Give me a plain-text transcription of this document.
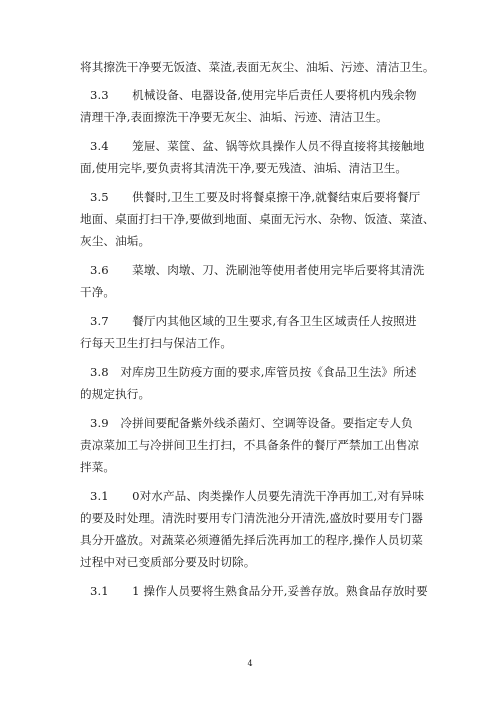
将其擦洗干净要无饭渣、菜渣,表面无灰尘、油垢、污迹、清洁卫生。
3.3　　机械设备、电器设备,使用完毕后责任人要将机内残余物
清理干净,表面擦洗干净要无灰尘、油垢、污迹、清洁卫生。
3.4　　笼屉、菜筐、盆、锅等炊具操作人员不得直接将其接触地
面,使用完毕,要负责将其清洗干净,要无残渣、油垢、清洁卫生。
3.5　　供餐时,卫生工要及时将餐桌擦干净,就餐结束后要将餐厅
地面、桌面打扫干净,要做到地面、桌面无污水、杂物、饭渣、菜渣、
灰尘、油垢。
3.6　　菜墩、肉墩、刀、洗刷池等使用者使用完毕后要将其清洗
干净。
3.7　　餐厅内其他区域的卫生要求,有各卫生区域责任人按照进
行每天卫生打扫与保洁工作。
3.8　对库房卫生防疫方面的要求,库管员按《食品卫生法》所述
的规定执行。
3.9　冷拼间要配备紫外线杀菌灯、空调等设备。要指定专人负
责凉菜加工与冷拼间卫生打扫，不具备条件的餐厅严禁加工出售凉
拌菜。
3.1　　0对水产品、肉类操作人员要先清洗干净再加工,对有异味
的要及时处理。清洗时要用专门清洗池分开清洗,盛放时要用专门器
具分开盛放。对蔬菜必须遵循先择后洗再加工的程序,操作人员切菜
过程中对已变质部分要及时切除。
3.1　　1 操作人员要将生熟食品分开,妥善存放。熟食品存放时要
4
